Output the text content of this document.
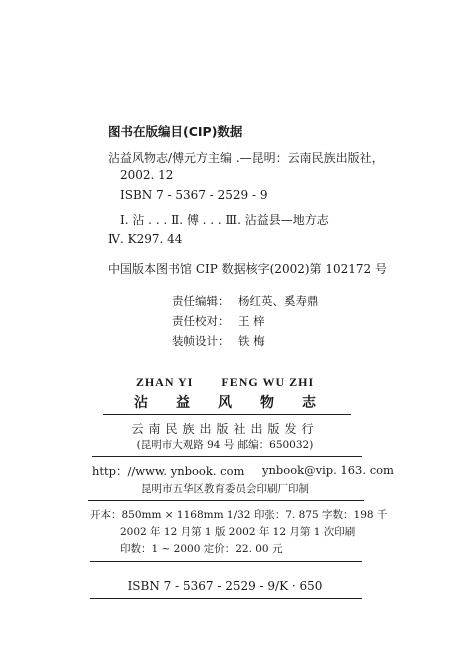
图书在版编目(CIP)数据
沾益风物志/傅元方主编 .—昆明：云南民族出版社，
2002. 12
ISBN 7 - 5367 - 2529 - 9
Ⅰ. 沾 . . . Ⅱ. 傅 . . . Ⅲ. 沾益县—地方志
Ⅳ. K297. 44
中国版本图书馆 CIP 数据核字(2002)第 102172 号
责任编辑： 杨红英、奚寿鼎
责任校对： 王 梓
装帧设计： 铁 梅
ZHAN YI FENG WU ZHI
沾 益 风 物 志
云南民族出版社出版发行
(昆明市大观路 94 号 邮编：650032)
http：//www. ynbook. com ynbook@vip. 163. com
昆明市五华区教育委员会印刷厂印制
开本：850mm × 1168mm 1/32 印张：7. 875 字数：198 千
2002 年 12 月第 1 版 2002 年 12 月第 1 次印刷
印数：1 ~ 2000 定价：22. 00 元
ISBN 7 - 5367 - 2529 - 9/K · 650
